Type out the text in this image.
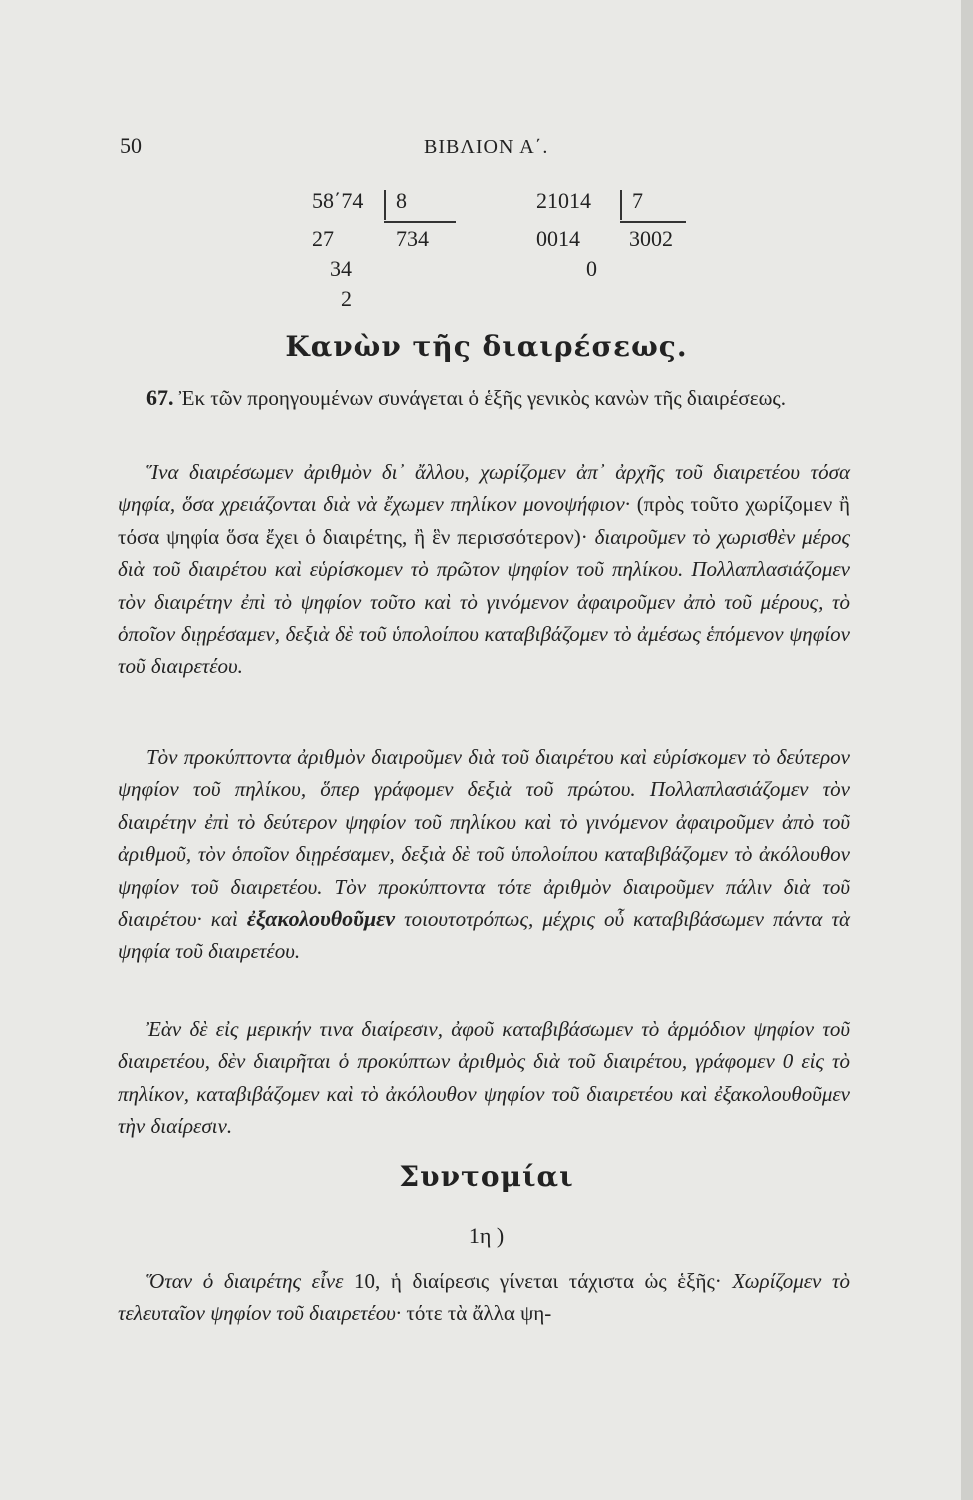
50	ΒΙΒΛΙΟΝ Α΄.
58΄74 8
734
27
34
2
21014 7
3002
0014
0
Κανὼν τῆς διαιρέσεως.

67. Ἐκ τῶν προηγουμένων συνάγεται ὁ ἑξῆς γενικὸς κανὼν τῆς διαιρέσεως.

Ἵνα διαιρέσωμεν ἀριθμὸν δι᾽ ἄλλου, χωρίζομεν ἀπ᾽ ἀρχῆς τοῦ διαιρετέου τόσα ψηφία, ὅσα χρειάζονται διὰ νὰ ἔχωμεν πηλίκον μονοψήφιον· (πρὸς τοῦτο χωρίζομεν ἢ τόσα ψηφία ὅσα ἔχει ὁ διαιρέτης, ἢ ἓν περισσότερον)· διαιροῦμεν τὸ χωρισθὲν μέρος διὰ τοῦ διαιρέτου καὶ εὑρίσκομεν τὸ πρῶτον ψηφίον τοῦ πηλίκου. Πολλαπλασιάζομεν τὸν διαιρέτην ἐπὶ τὸ ψηφίον τοῦτο καὶ τὸ γινόμενον ἀφαιροῦμεν ἀπὸ τοῦ μέρους, τὸ ὁποῖον διῃρέσαμεν, δεξιὰ δὲ τοῦ ὑπολοίπου καταβιβάζομεν τὸ ἀμέσως ἑπόμενον ψηφίον τοῦ διαιρετέου.

Τὸν προκύπτοντα ἀριθμὸν διαιροῦμεν διὰ τοῦ διαιρέτου καὶ εὑρίσκομεν τὸ δεύτερον ψηφίον τοῦ πηλίκου, ὅπερ γράφομεν δεξιὰ τοῦ πρώτου. Πολλαπλασιάζομεν τὸν διαιρέτην ἐπὶ τὸ δεύτερον ψηφίον τοῦ πηλίκου καὶ τὸ γινόμενον ἀφαιροῦμεν ἀπὸ τοῦ ἀριθμοῦ, τὸν ὁποῖον διῃρέσαμεν, δεξιὰ δὲ τοῦ ὑπολοίπου καταβιβάζομεν τὸ ἀκόλουθον ψηφίον τοῦ διαιρετέου. Τὸν προκύπτοντα τότε ἀριθμὸν διαιροῦμεν πάλιν διὰ τοῦ διαιρέτου· καὶ ἐξακολουθοῦμεν τοιουτοτρόπως, μέχρις οὗ καταβιβάσωμεν πάντα τὰ ψηφία τοῦ διαιρετέου.

Ἐὰν δὲ εἰς μερικήν τινα διαίρεσιν, ἀφοῦ καταβιβάσωμεν τὸ ἁρμόδιον ψηφίον τοῦ διαιρετέου, δὲν διαιρῆται ὁ προκύπτων ἀριθμὸς διὰ τοῦ διαιρέτου, γράφομεν 0 εἰς τὸ πηλίκον, καταβιβάζομεν καὶ τὸ ἀκόλουθον ψηφίον τοῦ διαιρετέου καὶ ἐξακολουθοῦμεν τὴν διαίρεσιν.

Συντομίαι
1η )

Ὅταν ὁ διαιρέτης εἶνε 10, ἡ διαίρεσις γίνεται τάχιστα ὡς ἑξῆς· Χωρίζομεν τὸ τελευταῖον ψηφίον τοῦ διαιρετέου· τότε τὰ ἄλλα ψη-
